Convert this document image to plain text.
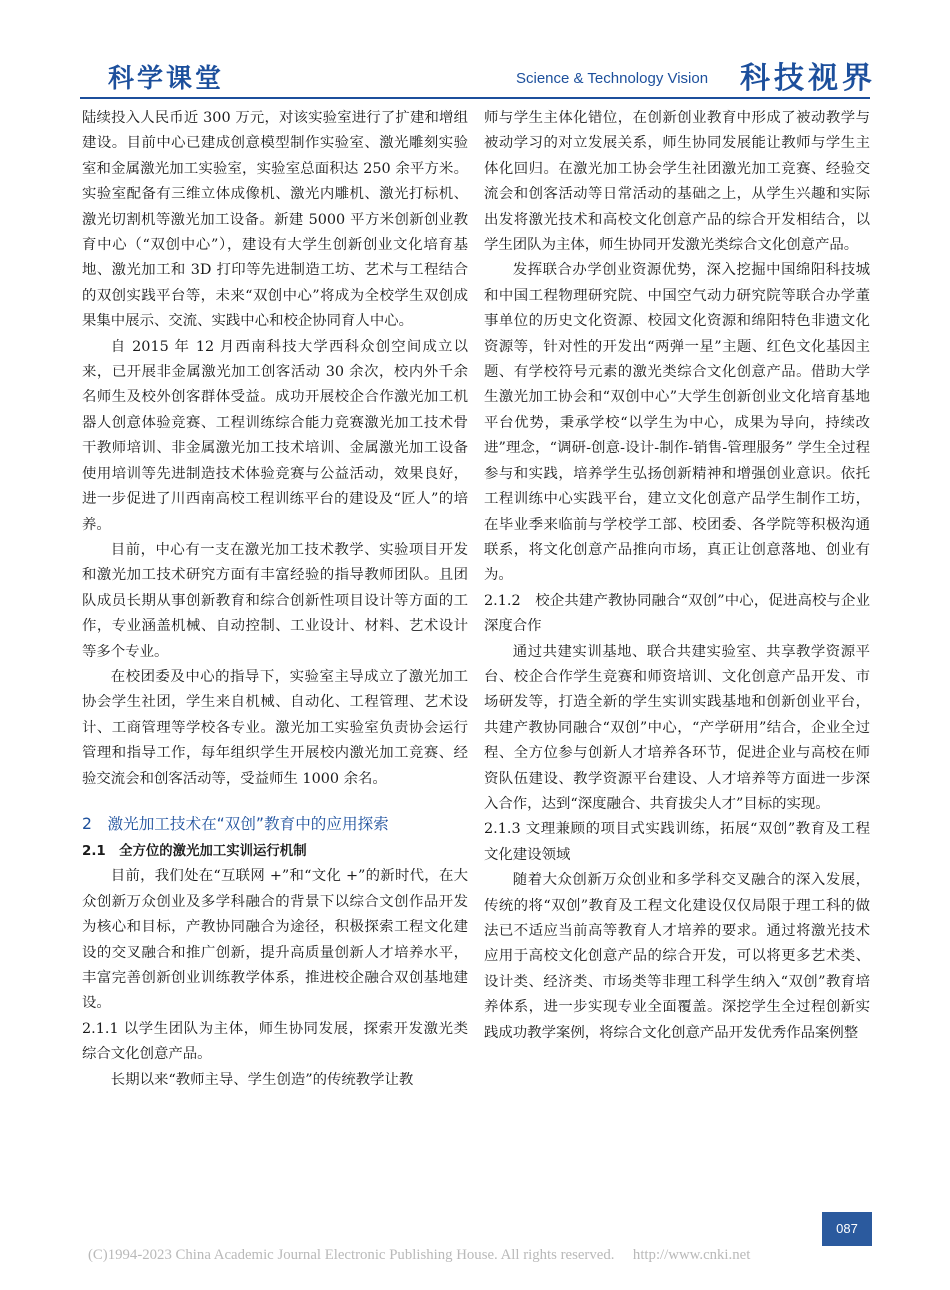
科学课堂	Science & Technology Vision 科技视界

陆续投入人民币近 300 万元，对该实验室进行了扩建和增组建设。目前中心已建成创意模型制作实验室、激光雕刻实验室和金属激光加工实验室，实验室总面积达 250 余平方米。实验室配备有三维立体成像机、激光内雕机、激光打标机、激光切割机等激光加工设备。新建 5000 平方米创新创业教育中心（“双创中心”），建设有大学生创新创业文化培育基地、激光加工和 3D 打印等先进制造工坊、艺术与工程结合的双创实践平台等，未来“双创中心”将成为全校学生双创成果集中展示、交流、实践中心和校企协同育人中心。

自 2015 年 12 月西南科技大学西科众创空间成立以来，已开展非金属激光加工创客活动 30 余次，校内外千余名师生及校外创客群体受益。成功开展校企合作激光加工机器人创意体验竞赛、工程训练综合能力竞赛激光加工技术骨干教师培训、非金属激光加工技术培训、金属激光加工设备使用培训等先进制造技术体验竞赛与公益活动，效果良好，进一步促进了川西南高校工程训练平台的建设及“匠人”的培养。

目前，中心有一支在激光加工技术教学、实验项目开发和激光加工技术研究方面有丰富经验的指导教师团队。且团队成员长期从事创新教育和综合创新性项目设计等方面的工作，专业涵盖机械、自动控制、工业设计、材料、艺术设计等多个专业。

在校团委及中心的指导下，实验室主导成立了激光加工协会学生社团，学生来自机械、自动化、工程管理、艺术设计、工商管理等学校各专业。激光加工实验室负责协会运行管理和指导工作，每年组织学生开展校内激光加工竞赛、经验交流会和创客活动等，受益师生 1000 余名。

2　激光加工技术在“双创”教育中的应用探索

2.1　全方位的激光加工实训运行机制

目前，我们处在“互联网 +”和“文化 +”的新时代，在大众创新万众创业及多学科融合的背景下以综合文创作品开发为核心和目标，产教协同融合为途径，积极探索工程文化建设的交叉融合和推广创新，提升高质量创新人才培养水平，丰富完善创新创业训练教学体系，推进校企融合双创基地建设。

2.1.1 以学生团队为主体，师生协同发展，探索开发激光类综合文化创意产品。

长期以来“教师主导、学生创造”的传统教学让教

师与学生主体化错位，在创新创业教育中形成了被动教学与被动学习的对立发展关系，师生协同发展能让教师与学生主体化回归。在激光加工协会学生社团激光加工竞赛、经验交流会和创客活动等日常活动的基础之上，从学生兴趣和实际出发将激光技术和高校文化创意产品的综合开发相结合，以学生团队为主体，师生协同开发激光类综合文化创意产品。

发挥联合办学创业资源优势，深入挖掘中国绵阳科技城和中国工程物理研究院、中国空气动力研究院等联合办学董事单位的历史文化资源、校园文化资源和绵阳特色非遗文化资源等，针对性的开发出“两弹一星”主题、红色文化基因主题、有学校符号元素的激光类综合文化创意产品。借助大学生激光加工协会和“双创中心”大学生创新创业文化培育基地平台优势，秉承学校“以学生为中心，成果为导向，持续改进”理念，“调研-创意-设计-制作-销售-管理服务” 学生全过程参与和实践，培养学生弘扬创新精神和增强创业意识。依托工程训练中心实践平台，建立文化创意产品学生制作工坊，在毕业季来临前与学校学工部、校团委、各学院等积极沟通联系，将文化创意产品推向市场，真正让创意落地、创业有为。

2.1.2　校企共建产教协同融合“双创”中心，促进高校与企业深度合作

通过共建实训基地、联合共建实验室、共享教学资源平台、校企合作学生竞赛和师资培训、文化创意产品开发、市场研发等，打造全新的学生实训实践基地和创新创业平台，共建产教协同融合“双创”中心，“产学研用”结合，企业全过程、全方位参与创新人才培养各环节，促进企业与高校在师资队伍建设、教学资源平台建设、人才培养等方面进一步深入合作，达到“深度融合、共育拔尖人才”目标的实现。

2.1.3 文理兼顾的项目式实践训练，拓展“双创”教育及工程文化建设领域

随着大众创新万众创业和多学科交叉融合的深入发展，传统的将“双创”教育及工程文化建设仅仅局限于理工科的做法已不适应当前高等教育人才培养的要求。通过将激光技术应用于高校文化创意产品的综合开发，可以将更多艺术类、设计类、经济类、市场类等非理工科学生纳入“双创”教育培养体系，进一步实现专业全面覆盖。深挖学生全过程创新实践成功教学案例，将综合文化创意产品开发优秀作品案例整

087
(C)1994-2023 China Academic Journal Electronic Publishing House. All rights reserved.　 http://www.cnki.net
